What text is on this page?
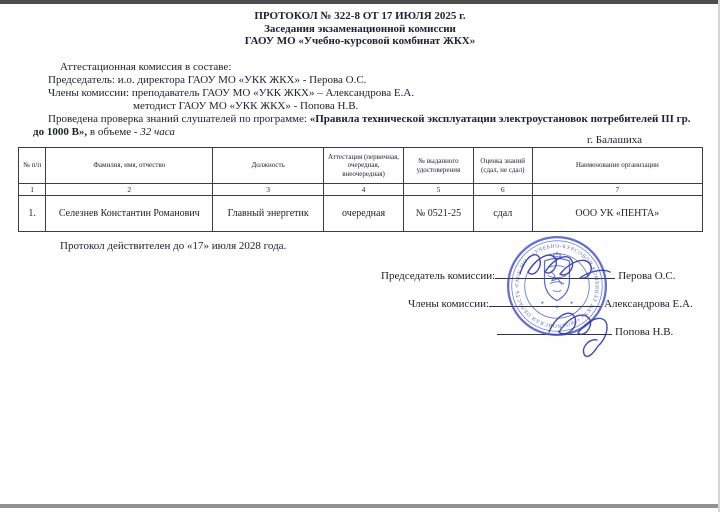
ПРОТОКОЛ № 322-8 ОТ 17 ИЮЛЯ 2025 г.
Заседания экзаменационной комиссии
ГАОУ МО «Учебно-курсовой комбинат ЖКХ»
Аттестационная комиссия в составе:
Председатель: и.о. директора ГАОУ МО «УКК ЖКХ» - Перова О.С.
Члены комиссии: преподаватель ГАОУ МО «УКК ЖКХ» – Александрова Е.А.
методист ГАОУ МО «УКК ЖКХ» - Попова Н.В.
Проведена проверка знаний слушателей по программе: «Правила технической эксплуатации электроустановок потребителей III гр.
до 1000 В», в объеме - 32 часа
г. Балашиха
№ п/п	Фамилия, имя, отчество	Должность	Аттестация (первичная, очередная, внеочередная)	№ выданного удостоверения	Оценка знаний (сдал, не сдал)	Наименование организации
1	2	3	4	5	6	7
1.	Селезнев Константин Романович	Главный энергетик	очередная	№ 0521-25	сдал	ООО УК «ПЕНТА»
Протокол действителен до «17» июля 2028 года.
Председатель комиссии:	Перова О.С.
Члены комиссии:	Александрова Е.А.
Попова Н.В.
ГАОУ МО • «УЧЕБНО-КУРСОВОЙ КОМБИНАТ ЖКХ» • МОСКОВСКАЯ ОБЛАСТЬ •
